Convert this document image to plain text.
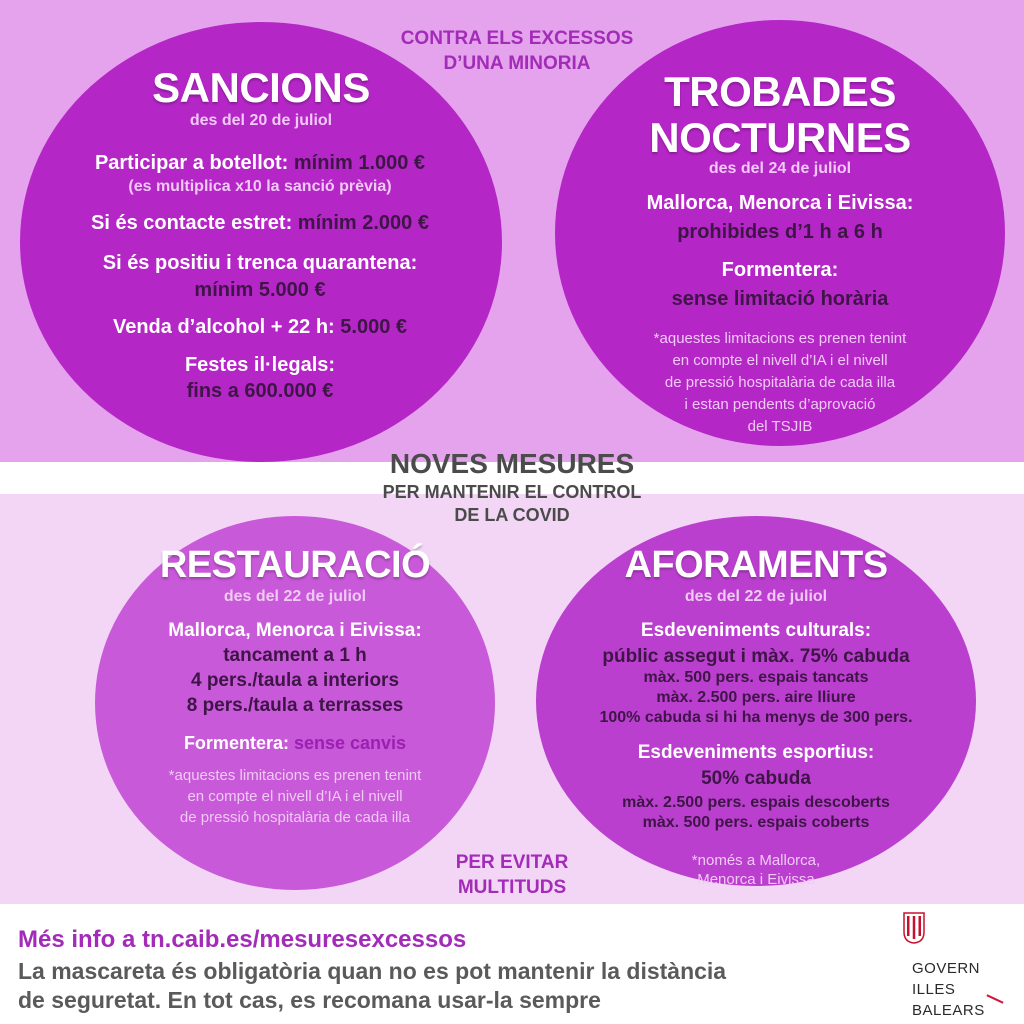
CONTRA ELS EXCESSOS
D’UNA MINORIA
SANCIONS
des del 20 de juliol
Participar a botellot: mínim 1.000 €
(es multiplica x10 la sanció prèvia)
Si és contacte estret: mínim 2.000 €
Si és positiu i trenca quarantena:
mínim 5.000 €
Venda d’alcohol + 22 h: 5.000 €
Festes il·legals:
fins a 600.000 €
TROBADES
NOCTURNES
des del 24 de juliol
Mallorca, Menorca i Eivissa:
prohibides d’1 h a 6 h
Formentera:
sense limitació horària
*aquestes limitacions es prenen tenint
en compte el nivell d’IA i el nivell
de pressió hospitalària de cada illa
i estan pendents d’aprovació
del TSJIB
NOVES MESURES
PER MANTENIR EL CONTROL
DE LA COVID
RESTAURACIÓ
des del 22 de juliol
Mallorca, Menorca i Eivissa:
tancament a 1 h
4 pers./taula a interiors
8 pers./taula a terrasses
Formentera: sense canvis
*aquestes limitacions es prenen tenint
en compte el nivell d’IA i el nivell
de pressió hospitalària de cada illa
AFORAMENTS
des del 22 de juliol
Esdeveniments culturals:
públic assegut i màx. 75% cabuda
màx. 500 pers. espais tancats
màx. 2.500 pers. aire lliure
100% cabuda si hi ha menys de 300 pers.
Esdeveniments esportius:
50% cabuda
màx. 2.500 pers. espais descoberts
màx. 500 pers. espais coberts
*només a Mallorca,
Menorca i Eivissa
PER EVITAR
MULTITUDS
Més info a tn.caib.es/mesuresexcessos
La mascareta és obligatòria quan no es pot mantenir la distància
de seguretat. En tot cas, es recomana usar-la sempre
GOVERN
ILLES
BALEARS
